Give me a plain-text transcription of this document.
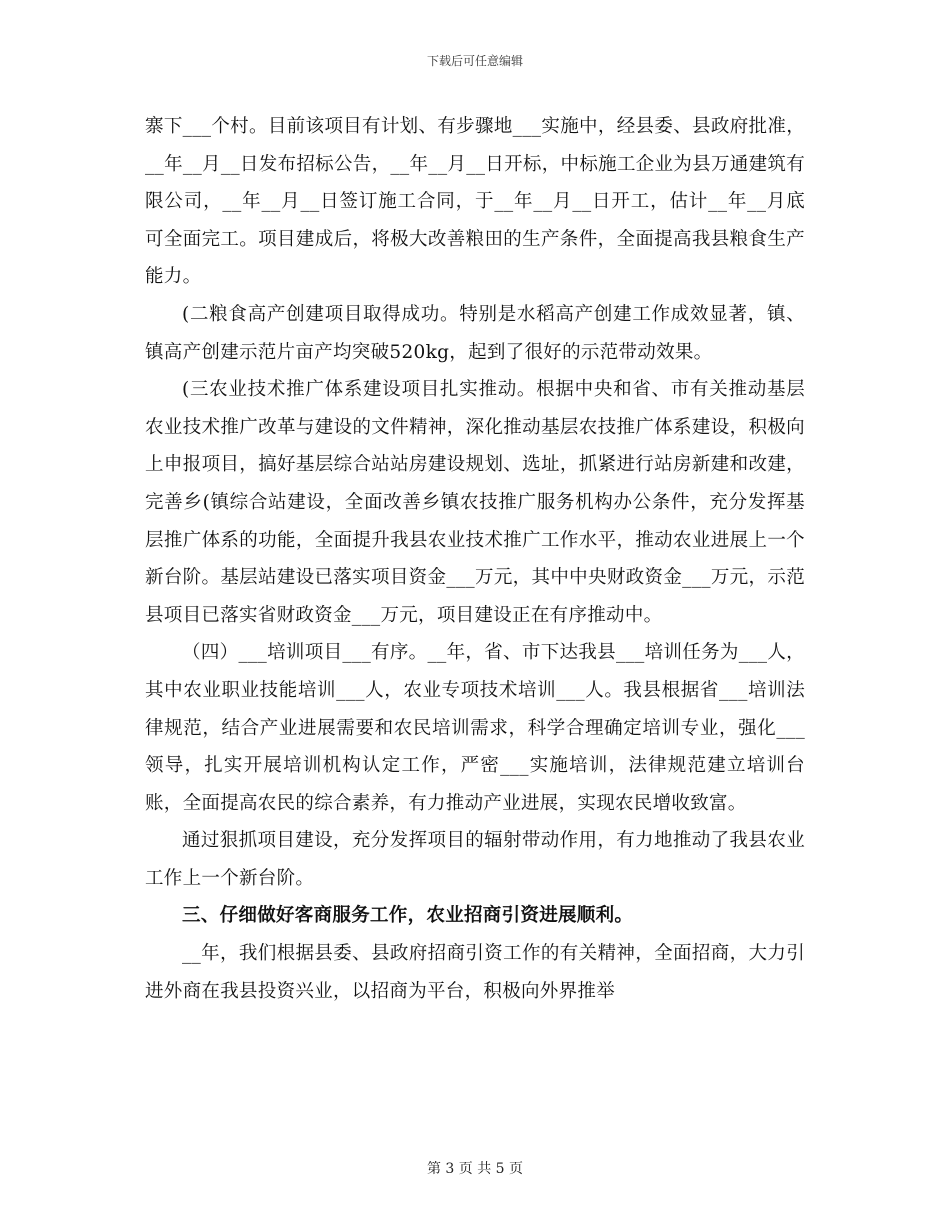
下载后可任意编辑

寨下___个村。目前该项目有计划、有步骤地___实施中，经县委、县政府批准，__年__月__日发布招标公告，__年__月__日开标，中标施工企业为县万通建筑有限公司，__年__月__日签订施工合同，于__年__月__日开工，估计__年__月底可全面完工。项目建成后，将极大改善粮田的生产条件，全面提高我县粮食生产能力。

(二粮食高产创建项目取得成功。特别是水稻高产创建工作成效显著，镇、镇高产创建示范片亩产均突破520kg，起到了很好的示范带动效果。

(三农业技术推广体系建设项目扎实推动。根据中央和省、市有关推动基层农业技术推广改革与建设的文件精神，深化推动基层农技推广体系建设，积极向上申报项目，搞好基层综合站站房建设规划、选址，抓紧进行站房新建和改建，完善乡(镇综合站建设，全面改善乡镇农技推广服务机构办公条件，充分发挥基层推广体系的功能，全面提升我县农业技术推广工作水平，推动农业进展上一个新台阶。基层站建设已落实项目资金___万元，其中中央财政资金___万元，示范县项目已落实省财政资金___万元，项目建设正在有序推动中。

（四）___培训项目___有序。__年，省、市下达我县___培训任务为___人，其中农业职业技能培训___人，农业专项技术培训___人。我县根据省___培训法律规范，结合产业进展需要和农民培训需求，科学合理确定培训专业，强化___领导，扎实开展培训机构认定工作，严密___实施培训，法律规范建立培训台账，全面提高农民的综合素养，有力推动产业进展，实现农民增收致富。

通过狠抓项目建设，充分发挥项目的辐射带动作用，有力地推动了我县农业工作上一个新台阶。

三、仔细做好客商服务工作，农业招商引资进展顺利。

__年，我们根据县委、县政府招商引资工作的有关精神，全面招商，大力引进外商在我县投资兴业，以招商为平台，积极向外界推举

第 3 页 共 5 页
